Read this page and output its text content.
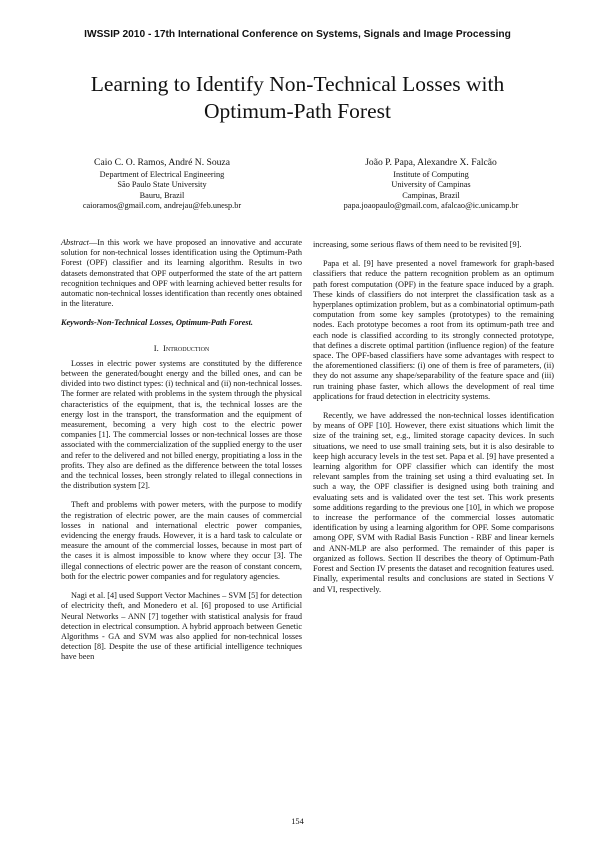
IWSSIP 2010 - 17th International Conference on Systems, Signals and Image Processing
Learning to Identify Non-Technical Losses with
Optimum-Path Forest
Caio C. O. Ramos, André N. Souza
Department of Electrical Engineering
São Paulo State University
Bauru, Brazil
caioramos@gmail.com, andrejau@feb.unesp.br
João P. Papa, Alexandre X. Falcão
Institute of Computing
University of Campinas
Campinas, Brazil
papa.joaopaulo@gmail.com, afalcao@ic.unicamp.br

Abstract—In this work we have proposed an innovative and accurate solution for non-technical losses identification using the Optimum-Path Forest (OPF) classifier and its learning algorithm. Results in two datasets demonstrated that OPF outperformed the state of the art pattern recognition techniques and OPF with learning achieved better results for automatic non-technical losses identification than recently ones obtained in the literature.

Keywords-Non-Technical Losses, Optimum-Path Forest.

I. Introduction

Losses in electric power systems are constituted by the difference between the generated/bought energy and the billed ones, and can be divided into two distinct types: (i) technical and (ii) non-technical losses. The former are related with problems in the system through the physical characteristics of the equipment, that is, the technical losses are the energy lost in the transport, the transformation and the equipment of measurement, becoming a very high cost to the electric power companies [1]. The commercial losses or non-technical losses are those associated with the commercialization of the supplied energy to the user and refer to the delivered and not billed energy, propitiating a loss in the profits. They also are defined as the difference between the total losses and the technical losses, been strongly related to illegal connections in the distribution system [2].

Theft and problems with power meters, with the purpose to modify the registration of electric power, are the main causes of commercial losses in national and international electric power companies, evidencing the energy frauds. However, it is a hard task to calculate or measure the amount of the commercial losses, because in most part of the cases it is almost impossible to know where they occur [3]. The illegal connections of electric power are the reason of constant concern, both for the electric power companies and for regulatory agencies.

Nagi et al. [4] used Support Vector Machines – SVM [5] for detection of electricity theft, and Monedero et al. [6] proposed to use Artificial Neural Networks – ANN [7] together with statistical analysis for fraud detection in electrical consumption. A hybrid approach between Genetic Algorithms - GA and SVM was also applied for non-technical losses detection [8]. Despite the use of these artificial intelligence techniques have been

increasing, some serious flaws of them need to be revisited [9].

Papa et al. [9] have presented a novel framework for graph-based classifiers that reduce the pattern recognition problem as an optimum path forest computation (OPF) in the feature space induced by a graph. These kinds of classifiers do not interpret the classification task as a hyperplanes optimization problem, but as a combinatorial optimum-path computation from some key samples (prototypes) to the remaining nodes. Each prototype becomes a root from its optimum-path tree and each node is classified according to its strongly connected prototype, that defines a discrete optimal partition (influence region) of the feature space. The OPF-based classifiers have some advantages with respect to the aforementioned classifiers: (i) one of them is free of parameters, (ii) they do not assume any shape/separability of the feature space and (iii) run training phase faster, which allows the development of real time applications for fraud detection in electricity systems.

Recently, we have addressed the non-technical losses identification by means of OPF [10]. However, there exist situations which limit the size of the training set, e.g., limited storage capacity devices. In such situations, we need to use small training sets, but it is also desirable to keep high accuracy levels in the test set. Papa et al. [9] have presented a learning algorithm for OPF classifier which can identify the most relevant samples from the training set using a third evaluating set. In such a way, the OPF classifier is designed using both training and evaluating sets and is validated over the test set. This work presents some additions regarding to the previous one [10], in which we propose to increase the performance of the commercial losses automatic identification by using a learning algorithm for OPF. Some comparisons among OPF, SVM with Radial Basis Function - RBF and linear kernels and ANN-MLP are also performed. The remainder of this paper is organized as follows. Section II describes the theory of Optimum-Path Forest and Section IV presents the dataset and recognition features used. Finally, experimental results and conclusions are stated in Sections V and VI, respectively.

154
